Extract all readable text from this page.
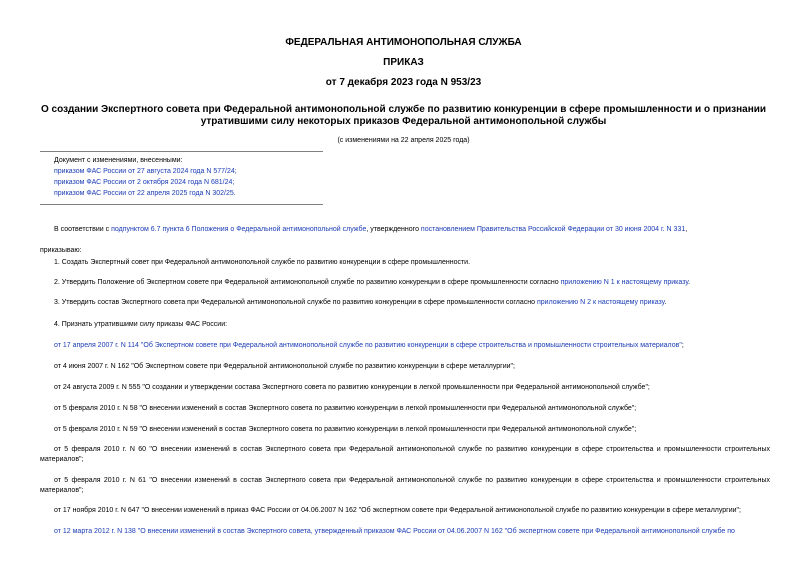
ФЕДЕРАЛЬНАЯ АНТИМОНОПОЛЬНАЯ СЛУЖБА
ПРИКАЗ
от 7 декабря 2023 года N 953/23
О создании Экспертного совета при Федеральной антимонопольной службе по развитию конкуренции в сфере промышленности и о признании утратившими силу некоторых приказов Федеральной антимонопольной службы
(с изменениями на 22 апреля 2025 года)
Документ с изменениями, внесенными:
приказом ФАС России от 27 августа 2024 года N 577/24;
приказом ФАС России от 2 октября 2024 года N 681/24;
приказом ФАС России от 22 апреля 2025 года N 302/25.
В соответствии с подпунктом 6.7 пункта 6 Положения о Федеральной антимонопольной службе, утвержденного постановлением Правительства Российской Федерации от 30 июня 2004 г. N 331,
приказываю:
1. Создать Экспертный совет при Федеральной антимонопольной службе по развитию конкуренции в сфере промышленности.
2. Утвердить Положение об Экспертном совете при Федеральной антимонопольной службе по развитию конкуренции в сфере промышленности согласно приложению N 1 к настоящему приказу.
3. Утвердить состав Экспертного совета при Федеральной антимонопольной службе по развитию конкуренции в сфере промышленности согласно приложению N 2 к настоящему приказу.
4. Признать утратившими силу приказы ФАС России:
от 17 апреля 2007 г. N 114 "Об Экспертном совете при Федеральной антимонопольной службе по развитию конкуренции в сфере строительства и промышленности строительных материалов";
от 4 июня 2007 г. N 162 "Об Экспертном совете при Федеральной антимонопольной службе по развитию конкуренции в сфере металлургии";
от 24 августа 2009 г. N 555 "О создании и утверждении состава Экспертного совета по развитию конкуренции в легкой промышленности при Федеральной антимонопольной службе";
от 5 февраля 2010 г. N 58 "О внесении изменений в состав Экспертного совета по развитию конкуренции в легкой промышленности при Федеральной антимонопольной службе";
от 5 февраля 2010 г. N 59 "О внесении изменений в состав Экспертного совета по развитию конкуренции в легкой промышленности при Федеральной антимонопольной службе";
от 5 февраля 2010 г. N 60 "О внесении изменений в состав Экспертного совета при Федеральной антимонопольной службе по развитию конкуренции в сфере строительства и промышленности строительных материалов";
от 5 февраля 2010 г. N 61 "О внесении изменений в состав Экспертного совета при Федеральной антимонопольной службе по развитию конкуренции в сфере строительства и промышленности строительных материалов";
от 17 ноября 2010 г. N 647 "О внесении изменений в приказ ФАС России от 04.06.2007 N 162 "Об экспертном совете при Федеральной антимонопольной службе по развитию конкуренции в сфере металлургии";
от 12 марта 2012 г. N 138 "О внесении изменений в состав Экспертного совета, утвержденный приказом ФАС России от 04.06.2007 N 162 "Об экспертном совете при Федеральной антимонопольной службе по
